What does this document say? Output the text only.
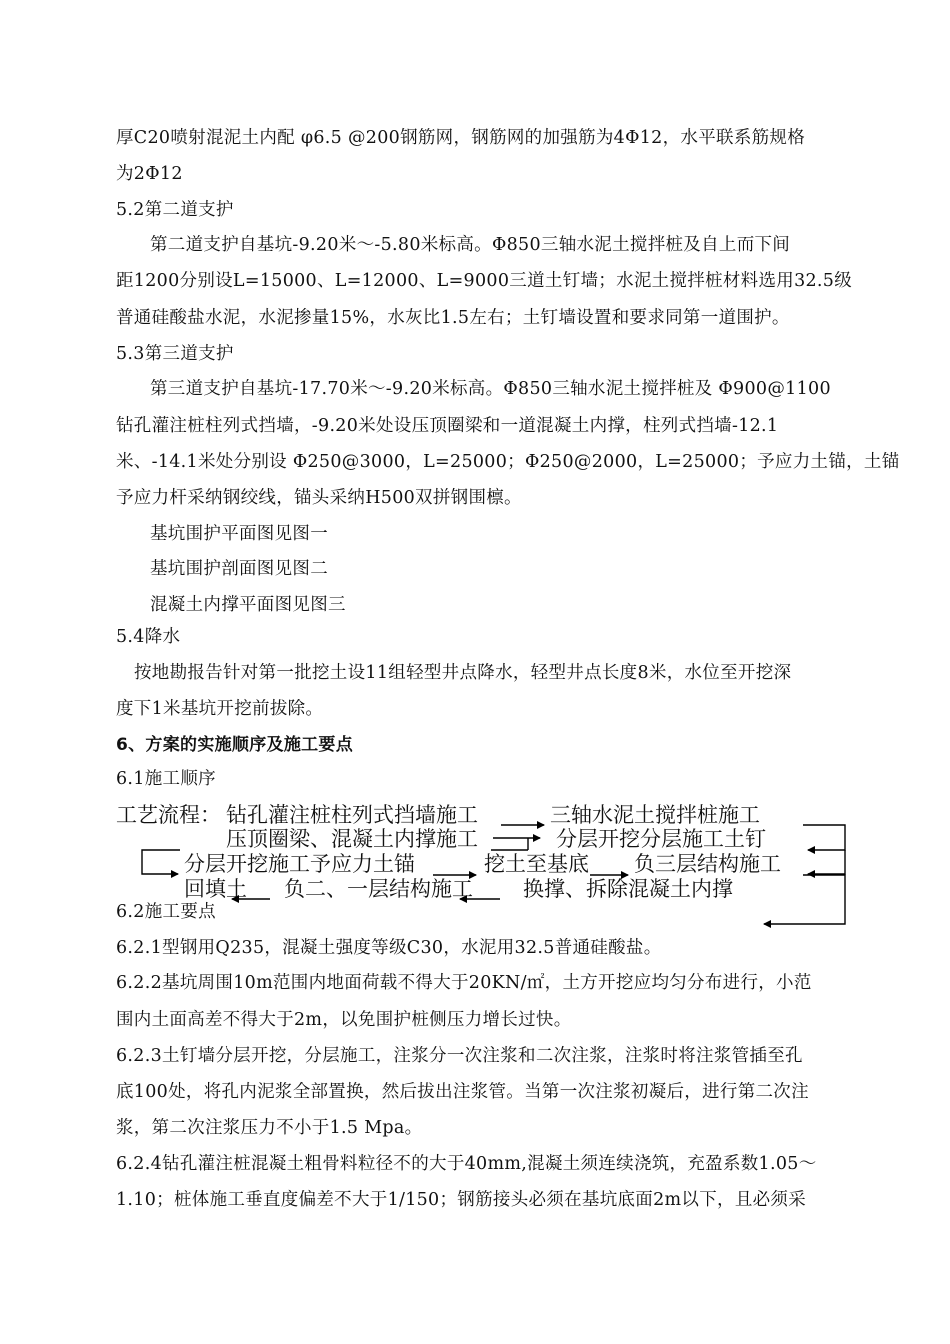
厚C20喷射混泥土内配 φ6.5 @200钢筋网，钢筋网的加强筋为4Φ12，水平联系筋规格
为2Φ12
5.2第二道支护
第二道支护自基坑-9.20米～-5.80米标高。Φ850三轴水泥土搅拌桩及自上而下间
距1200分别设L=15000、L=12000、L=9000三道土钉墙；水泥土搅拌桩材料选用32.5级
普通硅酸盐水泥，水泥掺量15%，水灰比1.5左右；土钉墙设置和要求同第一道围护。
5.3第三道支护
第三道支护自基坑-17.70米～-9.20米标高。Φ850三轴水泥土搅拌桩及 Φ900@1100
钻孔灌注桩柱列式挡墙，-9.20米处设压顶圈梁和一道混凝土内撑，柱列式挡墙-12.1
米、-14.1米处分别设 Φ250@3000，L=25000；Φ250@2000，L=25000；予应力土锚，土锚
予应力杆采纳钢绞线，锚头采纳H500双拼钢围檩。
基坑围护平面图见图一
基坑围护剖面图见图二
混凝土内撑平面图见图三
5.4降水
按地勘报告针对第一批挖土设11组轻型井点降水，轻型井点长度8米，水位至开挖深
度下1米基坑开挖前拔除。
6、方案的实施顺序及施工要点
6.1施工顺序
工艺流程： 钻孔灌注桩柱列式挡墙施工	三轴水泥土搅拌桩施工
压顶圈梁、混凝土内撑施工	分层开挖分层施工土钉
分层开挖施工予应力土锚	挖土至基底 负三层结构施工
回填土 负二、一层结构施工 换撑、拆除混凝土内撑
6.2施工要点
6.2.1型钢用Q235，混凝土强度等级C30，水泥用32.5普通硅酸盐。
6.2.2基坑周围10m范围内地面荷载不得大于20KN/㎡，土方开挖应均匀分布进行，小范
围内土面高差不得大于2m，以免围护桩侧压力增长过快。
6.2.3土钉墙分层开挖，分层施工，注浆分一次注浆和二次注浆，注浆时将注浆管插至孔
底100处，将孔内泥浆全部置换，然后拔出注浆管。当第一次注浆初凝后，进行第二次注
浆，第二次注浆压力不小于1.5 Mpa。
6.2.4钻孔灌注桩混凝土粗骨料粒径不的大于40mm,混凝土须连续浇筑，充盈系数1.05～
1.10；桩体施工垂直度偏差不大于1/150；钢筋接头必须在基坑底面2m以下，且必须采
